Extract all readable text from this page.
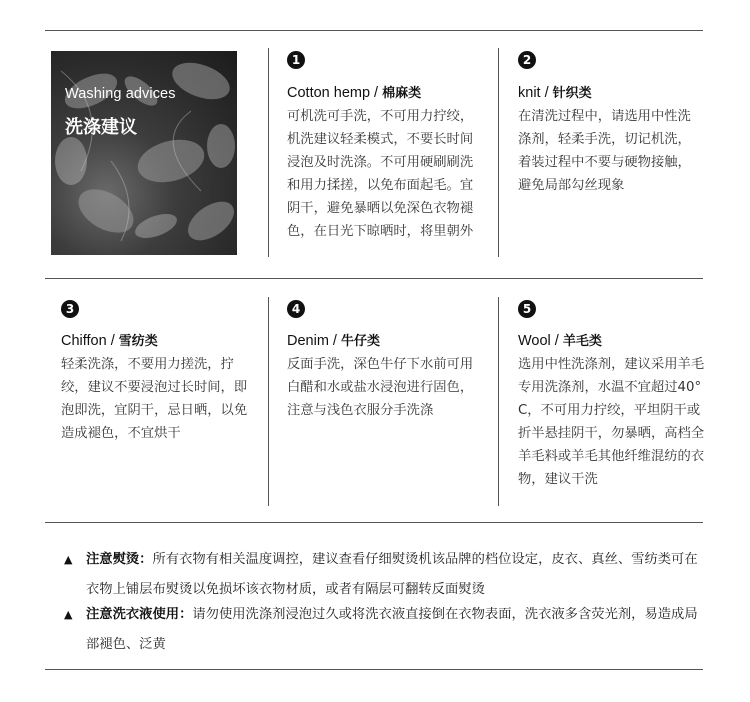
Washing advices
洗涤建议
1
Cotton hemp / 棉麻类
可机洗可手洗，不可用力拧绞，机洗建议轻柔模式，不要长时间浸泡及时洗涤。不可用硬刷刷洗和用力揉搓，以免布面起毛。宜阴干，避免暴晒以免深色衣物褪色，在日光下晾晒时，将里朝外
2
knit / 针织类
在清洗过程中，请选用中性洗涤剂，轻柔手洗，切记机洗，着装过程中不要与硬物接触，避免局部勾丝现象
3
Chiffon / 雪纺类
轻柔洗涤，不要用力搓洗，拧绞，建议不要浸泡过长时间，即泡即洗，宜阴干，忌日晒，以免造成褪色，不宜烘干
4
Denim / 牛仔类
反面手洗，深色牛仔下水前可用白醋和水或盐水浸泡进行固色，注意与浅色衣服分手洗涤
5
Wool / 羊毛类
选用中性洗涤剂，建议采用羊毛专用洗涤剂，水温不宜超过40° C，不可用力拧绞，平坦阴干或折半悬挂阴干，勿暴晒，高档全羊毛料或羊毛其他纤维混纺的衣物，建议干洗
▲	注意熨烫：所有衣物有相关温度调控，建议查看仔细熨烫机该品牌的档位设定，皮衣、真丝、雪纺类可在衣物上铺层布熨烫以免损坏该衣物材质，或者有隔层可翻转反面熨烫
▲	注意洗衣液使用：请勿使用洗涤剂浸泡过久或将洗衣液直接倒在衣物表面，洗衣液多含荧光剂，易造成局部褪色、泛黄
